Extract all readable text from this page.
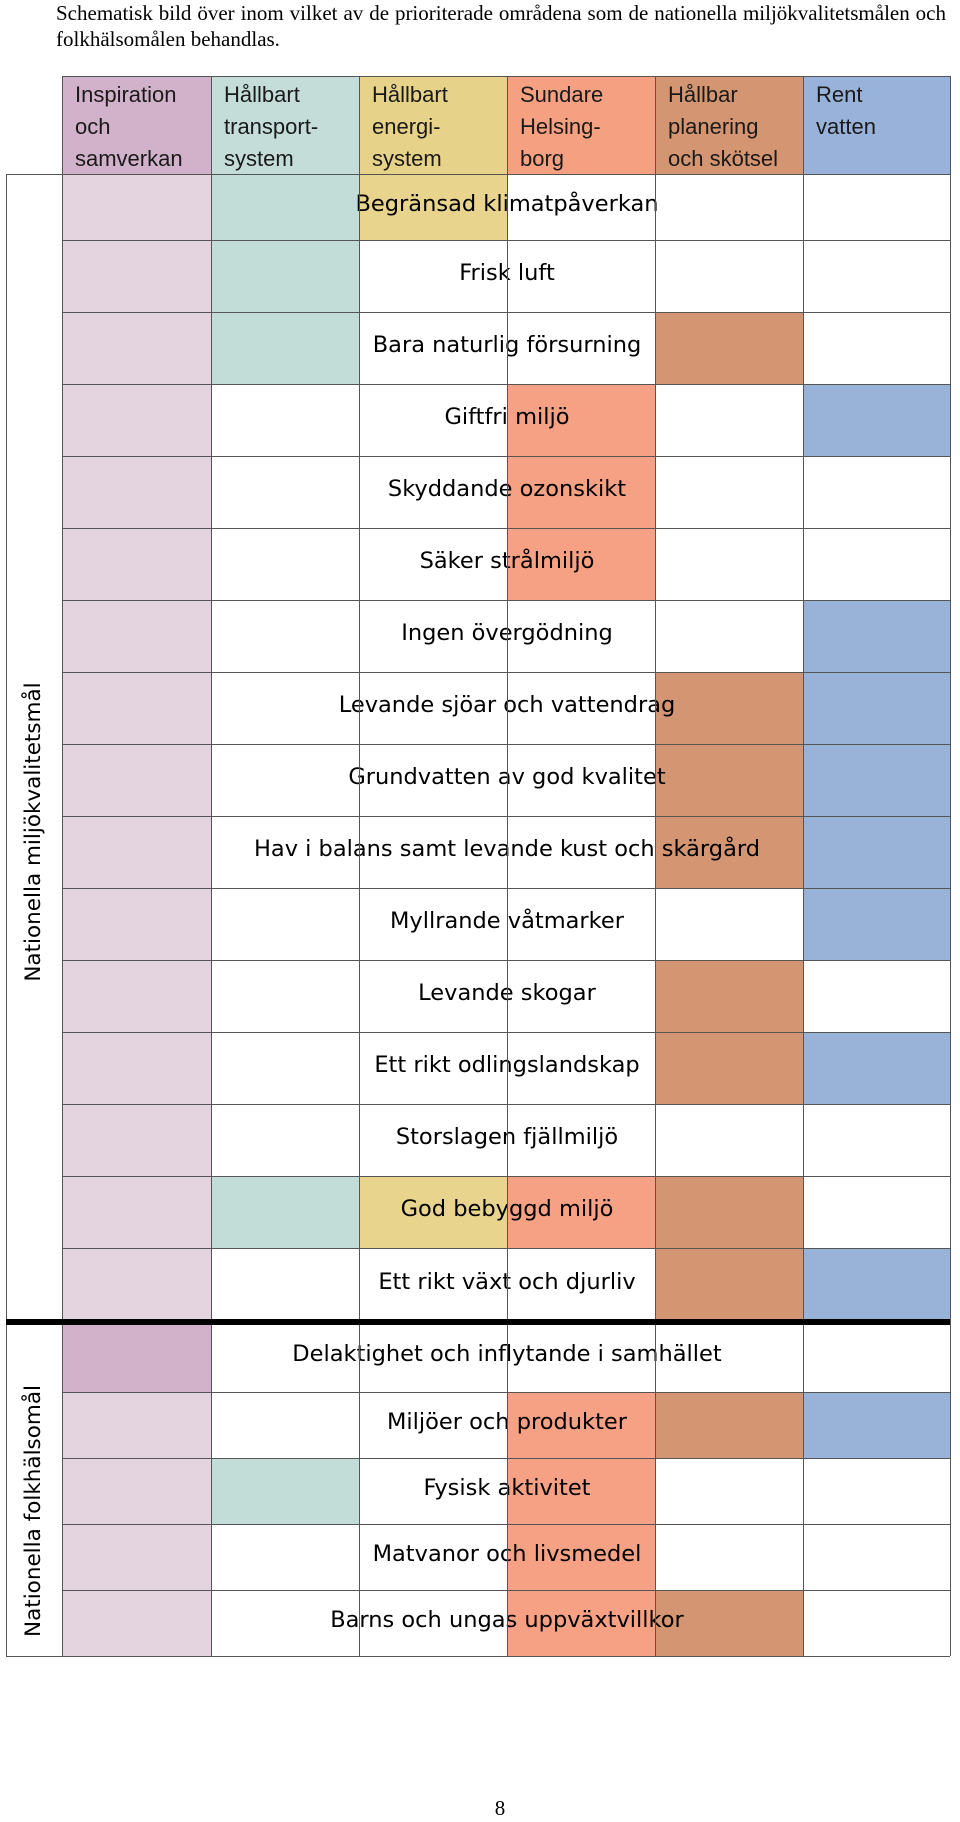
Schematisk bild över inom vilket av de prioriterade områdena som de nationella miljökvalitetsmålen och folkhälsomålen behandlas.
Inspiration
och
samverkan
Hållbart
transport-
system
Hållbart
energi-
system
Sundare
Helsing-
borg
Hållbar
planering
och skötsel
Rent
vatten
Begränsad klimatpåverkan
Frisk luft
Bara naturlig försurning
Giftfri miljö
Skyddande ozonskikt
Säker strålmiljö
Ingen övergödning
Levande sjöar och vattendrag
Grundvatten av god kvalitet
Hav i balans samt levande kust och skärgård
Myllrande våtmarker
Levande skogar
Ett rikt odlingslandskap
Storslagen fjällmiljö
God bebyggd miljö
Ett rikt växt och djurliv
Delaktighet och inflytande i samhället
Miljöer och produkter
Fysisk aktivitet
Matvanor och livsmedel
Barns och ungas uppväxtvillkor
Nationella miljökvalitetsmål
Nationella folkhälsomål
8
